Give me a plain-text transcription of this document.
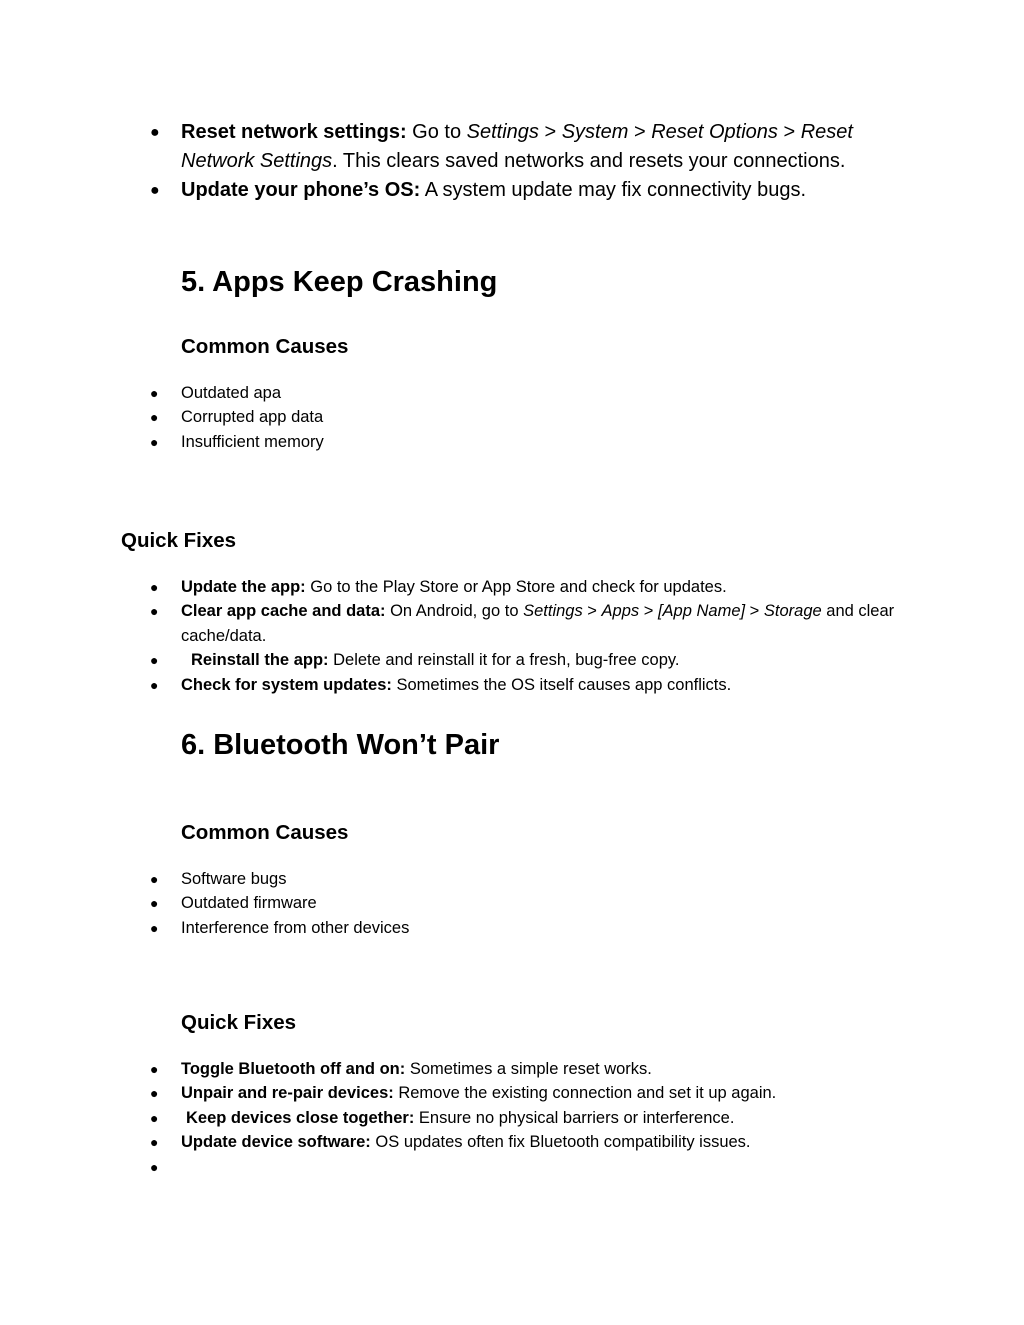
● Reset network settings: Go to Settings > System > Reset Options > Reset Network Settings. This clears saved networks and resets your connections.
● Update your phone’s OS: A system update may fix connectivity bugs.
5. Apps Keep Crashing
Common Causes
● Outdated apa
● Corrupted app data
● Insufficient memory
Quick Fixes
● Update the app: Go to the Play Store or App Store and check for updates.
● Clear app cache and data: On Android, go to Settings > Apps > [App Name] > Storage and clear cache/data.
● Reinstall the app: Delete and reinstall it for a fresh, bug-free copy.
● Check for system updates: Sometimes the OS itself causes app conflicts.
6. Bluetooth Won’t Pair
Common Causes
● Software bugs
● Outdated firmware
● Interference from other devices
Quick Fixes
● Toggle Bluetooth off and on: Sometimes a simple reset works.
● Unpair and re-pair devices: Remove the existing connection and set it up again.
● Keep devices close together: Ensure no physical barriers or interference.
● Update device software: OS updates often fix Bluetooth compatibility issues.
●
